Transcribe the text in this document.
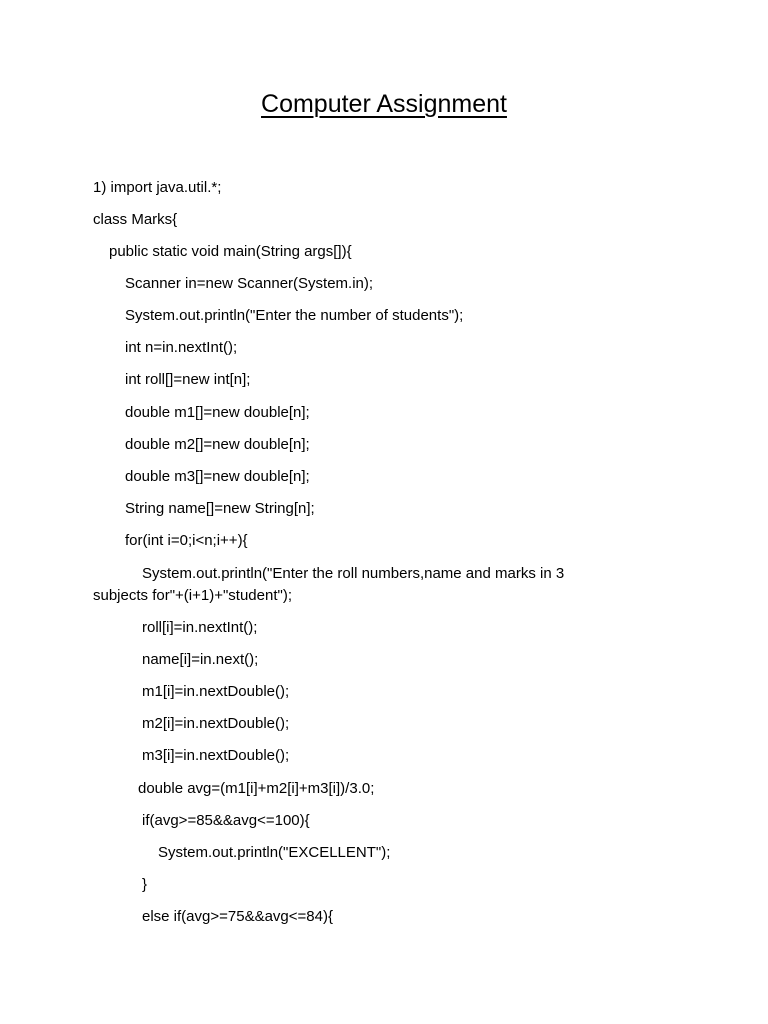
Computer Assignment
1) import java.util.*;
class Marks{
public static void main(String args[]){
Scanner in=new Scanner(System.in);
System.out.println("Enter the number of students");
int n=in.nextInt();
int roll[]=new int[n];
double m1[]=new double[n];
double m2[]=new double[n];
double m3[]=new double[n];
String name[]=new String[n];
for(int i=0;i<n;i++){
System.out.println("Enter the roll numbers,name and marks in 3
subjects for"+(i+1)+"student");
roll[i]=in.nextInt();
name[i]=in.next();
m1[i]=in.nextDouble();
m2[i]=in.nextDouble();
m3[i]=in.nextDouble();
double avg=(m1[i]+m2[i]+m3[i])/3.0;
if(avg>=85&&avg<=100){
System.out.println("EXCELLENT");
}
else if(avg>=75&&avg<=84){
